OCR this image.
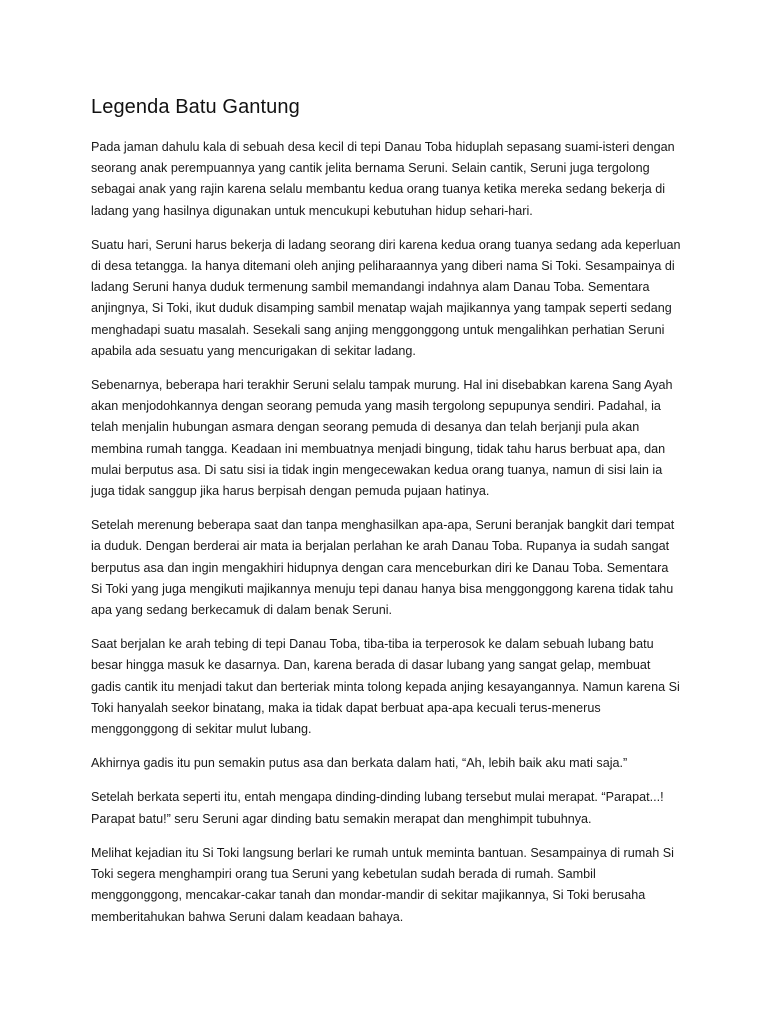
Legenda Batu Gantung

Pada jaman dahulu kala di sebuah desa kecil di tepi Danau Toba hiduplah sepasang suami-isteri dengan seorang anak perempuannya yang cantik jelita bernama Seruni. Selain cantik, Seruni juga tergolong sebagai anak yang rajin karena selalu membantu kedua orang tuanya ketika mereka sedang bekerja di ladang yang hasilnya digunakan untuk mencukupi kebutuhan hidup sehari-hari.

Suatu hari, Seruni harus bekerja di ladang seorang diri karena kedua orang tuanya sedang ada keperluan di desa tetangga. Ia hanya ditemani oleh anjing peliharaannya yang diberi nama Si Toki. Sesampainya di ladang Seruni hanya duduk termenung sambil memandangi indahnya alam Danau Toba. Sementara anjingnya, Si Toki, ikut duduk disamping sambil menatap wajah majikannya yang tampak seperti sedang menghadapi suatu masalah. Sesekali sang anjing menggonggong untuk mengalihkan perhatian Seruni apabila ada sesuatu yang mencurigakan di sekitar ladang.

Sebenarnya, beberapa hari terakhir Seruni selalu tampak murung. Hal ini disebabkan karena Sang Ayah akan menjodohkannya dengan seorang pemuda yang masih tergolong sepupunya sendiri. Padahal, ia telah menjalin hubungan asmara dengan seorang pemuda di desanya dan telah berjanji pula akan membina rumah tangga. Keadaan ini membuatnya menjadi bingung, tidak tahu harus berbuat apa, dan mulai berputus asa. Di satu sisi ia tidak ingin mengecewakan kedua orang tuanya, namun di sisi lain ia juga tidak sanggup jika harus berpisah dengan pemuda pujaan hatinya.

Setelah merenung beberapa saat dan tanpa menghasilkan apa-apa, Seruni beranjak bangkit dari tempat ia duduk. Dengan berderai air mata ia berjalan perlahan ke arah Danau Toba. Rupanya ia sudah sangat berputus asa dan ingin mengakhiri hidupnya dengan cara menceburkan diri ke Danau Toba. Sementara Si Toki yang juga mengikuti majikannya menuju tepi danau hanya bisa menggonggong karena tidak tahu apa yang sedang berkecamuk di dalam benak Seruni.

Saat berjalan ke arah tebing di tepi Danau Toba, tiba-tiba ia terperosok ke dalam sebuah lubang batu besar hingga masuk ke dasarnya. Dan, karena berada di dasar lubang yang sangat gelap, membuat gadis cantik itu menjadi takut dan berteriak minta tolong kepada anjing kesayangannya. Namun karena Si Toki hanyalah seekor binatang, maka ia tidak dapat berbuat apa-apa kecuali terus-menerus menggonggong di sekitar mulut lubang.

Akhirnya gadis itu pun semakin putus asa dan berkata dalam hati, “Ah, lebih baik aku mati saja.”

Setelah berkata seperti itu, entah mengapa dinding-dinding lubang tersebut mulai merapat. “Parapat...! Parapat batu!” seru Seruni agar dinding batu semakin merapat dan menghimpit tubuhnya.

Melihat kejadian itu Si Toki langsung berlari ke rumah untuk meminta bantuan. Sesampainya di rumah Si Toki segera menghampiri orang tua Seruni yang kebetulan sudah berada di rumah. Sambil menggonggong, mencakar-cakar tanah dan mondar-mandir di sekitar majikannya, Si Toki berusaha memberitahukan bahwa Seruni dalam keadaan bahaya.
